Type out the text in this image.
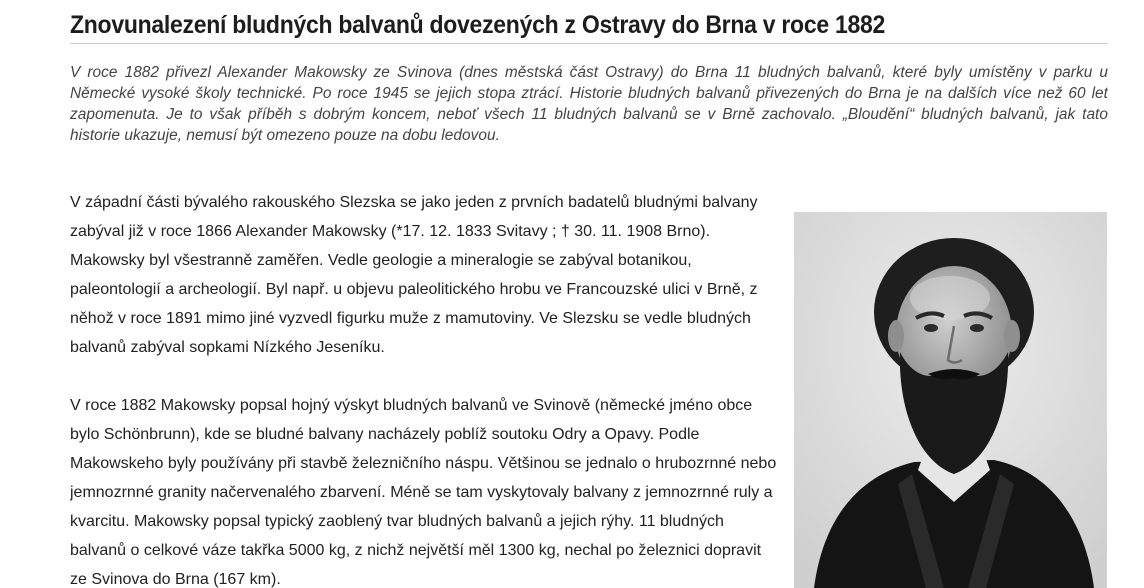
Znovunalezení bludných balvanů dovezených z Ostravy do Brna v roce 1882

V roce 1882 přivezl Alexander Makowsky ze Svinova (dnes městská část Ostravy) do Brna 11 bludných balvanů, které byly umístěny v parku u Německé vysoké školy technické. Po roce 1945 se jejich stopa ztrácí. Historie bludných balvanů přivezených do Brna je na dalších více než 60 let zapomenuta. Je to však příběh s dobrým koncem, neboť všech 11 bludných balvanů se v Brně zachovalo. „Bloudění“ bludných balvanů, jak tato historie ukazuje, nemusí být omezeno pouze na dobu ledovou.

V západní části bývalého rakouského Slezska se jako jeden z prvních badatelů bludnými balvany zabýval již v roce 1866 Alexander Makowsky (*17. 12. 1833 Svitavy ; † 30. 11. 1908 Brno). Makowsky byl všestranně zaměřen. Vedle geologie a mineralogie se zabýval botanikou, paleontologií a archeologií. Byl např. u objevu paleolitického hrobu ve Francouzské ulici v Brně, z něhož v roce 1891 mimo jiné vyzvedl figurku muže z mamutoviny. Ve Slezsku se vedle bludných balvanů zabýval sopkami Nízkého Jeseníku.

V roce 1882 Makowsky popsal hojný výskyt bludných balvanů ve Svinově (německé jméno obce bylo Schönbrunn), kde se bludné balvany nacházely poblíž soutoku Odry a Opavy. Podle Makowskeho byly používány při stavbě železničního náspu. Většinou se jednalo o hrubozrnné nebo jemnozrnné granity načervenalého zbarvení. Méně se tam vyskytovaly balvany z jemnozrnné ruly a kvarcitu. Makowsky popsal typický zaoblený tvar bludných balvanů a jejich rýhy. 11 bludných balvanů o celkové váze takřka 5000 kg, z nichž největší měl 1300 kg, nechal po železnici dopravit ze Svinova do Brna (167 km).
